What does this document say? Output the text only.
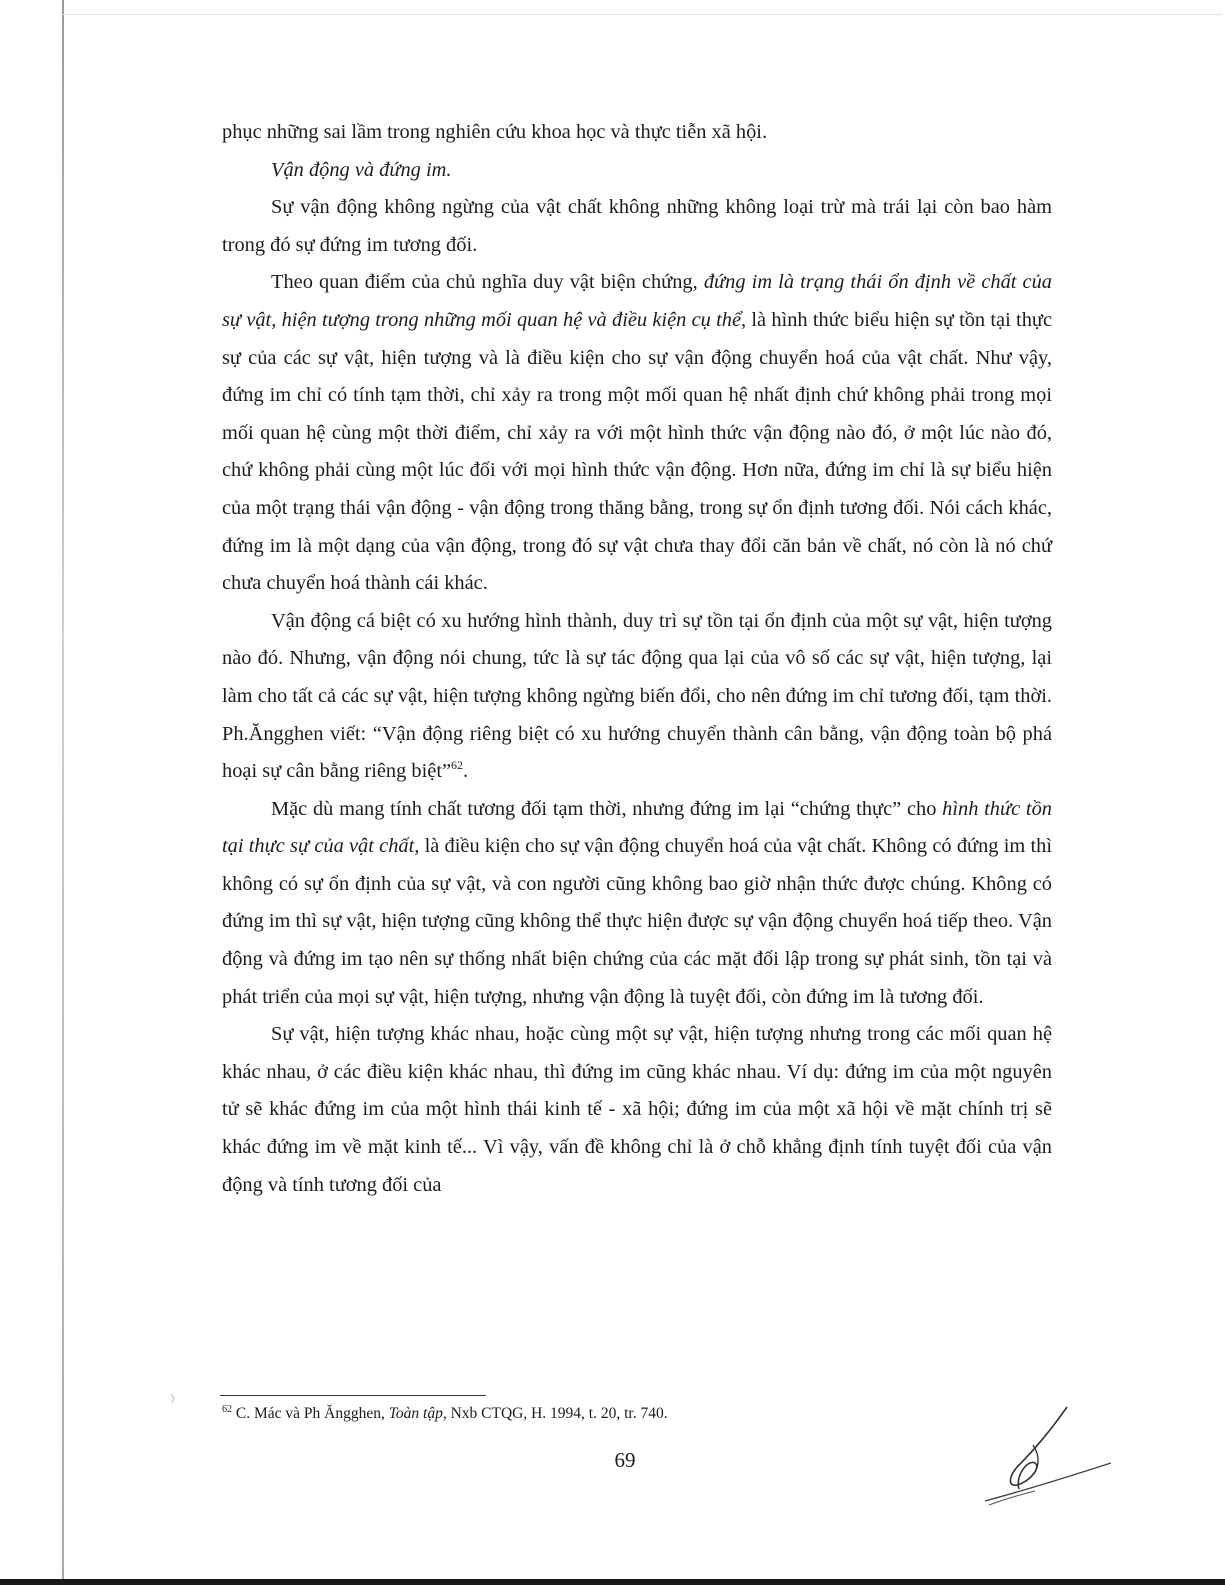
phục những sai lầm trong nghiên cứu khoa học và thực tiễn xã hội.

Vận động và đứng im.

Sự vận động không ngừng của vật chất không những không loại trừ mà trái lại còn bao hàm trong đó sự đứng im tương đối.

Theo quan điểm của chủ nghĩa duy vật biện chứng, đứng im là trạng thái ổn định về chất của sự vật, hiện tượng trong những mối quan hệ và điều kiện cụ thể, là hình thức biểu hiện sự tồn tại thực sự của các sự vật, hiện tượng và là điều kiện cho sự vận động chuyển hoá của vật chất. Như vậy, đứng im chỉ có tính tạm thời, chỉ xảy ra trong một mối quan hệ nhất định chứ không phải trong mọi mối quan hệ cùng một thời điểm, chỉ xảy ra với một hình thức vận động nào đó, ở một lúc nào đó, chứ không phải cùng một lúc đối với mọi hình thức vận động. Hơn nữa, đứng im chỉ là sự biểu hiện của một trạng thái vận động - vận động trong thăng bằng, trong sự ổn định tương đối. Nói cách khác, đứng im là một dạng của vận động, trong đó sự vật chưa thay đổi căn bản về chất, nó còn là nó chứ chưa chuyển hoá thành cái khác.

Vận động cá biệt có xu hướng hình thành, duy trì sự tồn tại ổn định của một sự vật, hiện tượng nào đó. Nhưng, vận động nói chung, tức là sự tác động qua lại của vô số các sự vật, hiện tượng, lại làm cho tất cả các sự vật, hiện tượng không ngừng biến đổi, cho nên đứng im chỉ tương đối, tạm thời. Ph.Ăngghen viết: “Vận động riêng biệt có xu hướng chuyển thành cân bằng, vận động toàn bộ phá hoại sự cân bằng riêng biệt”$^{62}$.

Mặc dù mang tính chất tương đối tạm thời, nhưng đứng im lại “chứng thực” cho hình thức tồn tại thực sự của vật chất, là điều kiện cho sự vận động chuyển hoá của vật chất. Không có đứng im thì không có sự ổn định của sự vật, và con người cũng không bao giờ nhận thức được chúng. Không có đứng im thì sự vật, hiện tượng cũng không thể thực hiện được sự vận động chuyển hoá tiếp theo. Vận động và đứng im tạo nên sự thống nhất biện chứng của các mặt đối lập trong sự phát sinh, tồn tại và phát triển của mọi sự vật, hiện tượng, nhưng vận động là tuyệt đối, còn đứng im là tương đối.

Sự vật, hiện tượng khác nhau, hoặc cùng một sự vật, hiện tượng nhưng trong các mối quan hệ khác nhau, ở các điều kiện khác nhau, thì đứng im cũng khác nhau. Ví dụ: đứng im của một nguyên tử sẽ khác đứng im của một hình thái kinh tế - xã hội; đứng im của một xã hội về mặt chính trị sẽ khác đứng im về mặt kinh tế... Vì vậy, vấn đề không chỉ là ở chỗ khẳng định tính tuyệt đối của vận động và tính tương đối của

$^{62}$ C. Mác và Ph Ăngghen, Toàn tập, Nxb CTQG, H. 1994, t. 20, tr. 740.
69
